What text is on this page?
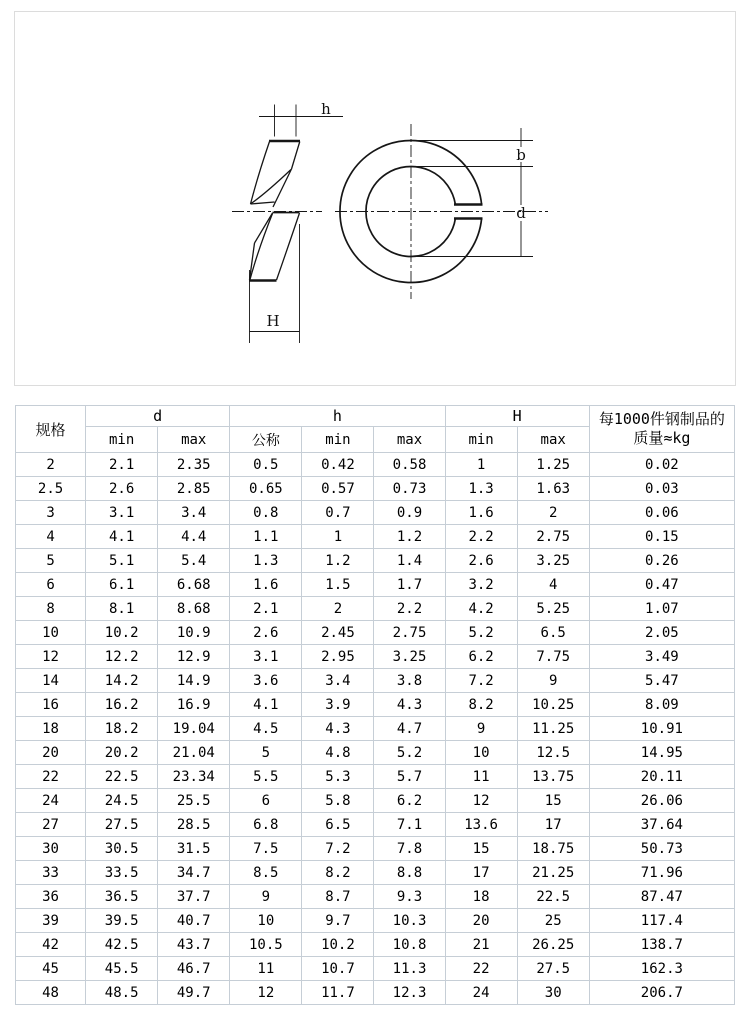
h
H
b
d
规格	d		h			H		每1000件钢制品的
质量≈kg

	min	max	公称	min	max	min	max	
2	2.1	2.35	0.5	0.42	0.58	1	1.25	0.02
2.5	2.6	2.85	0.65	0.57	0.73	1.3	1.63	0.03
3	3.1	3.4	0.8	0.7	0.9	1.6	2	0.06
4	4.1	4.4	1.1	1	1.2	2.2	2.75	0.15
5	5.1	5.4	1.3	1.2	1.4	2.6	3.25	0.26
6	6.1	6.68	1.6	1.5	1.7	3.2	4	0.47
8	8.1	8.68	2.1	2	2.2	4.2	5.25	1.07
10	10.2	10.9	2.6	2.45	2.75	5.2	6.5	2.05
12	12.2	12.9	3.1	2.95	3.25	6.2	7.75	3.49
14	14.2	14.9	3.6	3.4	3.8	7.2	9	5.47
16	16.2	16.9	4.1	3.9	4.3	8.2	10.25	8.09
18	18.2	19.04	4.5	4.3	4.7	9	11.25	10.91
20	20.2	21.04	5	4.8	5.2	10	12.5	14.95
22	22.5	23.34	5.5	5.3	5.7	11	13.75	20.11
24	24.5	25.5	6	5.8	6.2	12	15	26.06
27	27.5	28.5	6.8	6.5	7.1	13.6	17	37.64
30	30.5	31.5	7.5	7.2	7.8	15	18.75	50.73
33	33.5	34.7	8.5	8.2	8.8	17	21.25	71.96
36	36.5	37.7	9	8.7	9.3	18	22.5	87.47
39	39.5	40.7	10	9.7	10.3	20	25	117.4
42	42.5	43.7	10.5	10.2	10.8	21	26.25	138.7
45	45.5	46.7	11	10.7	11.3	22	27.5	162.3
48	48.5	49.7	12	11.7	12.3	24	30	206.7
